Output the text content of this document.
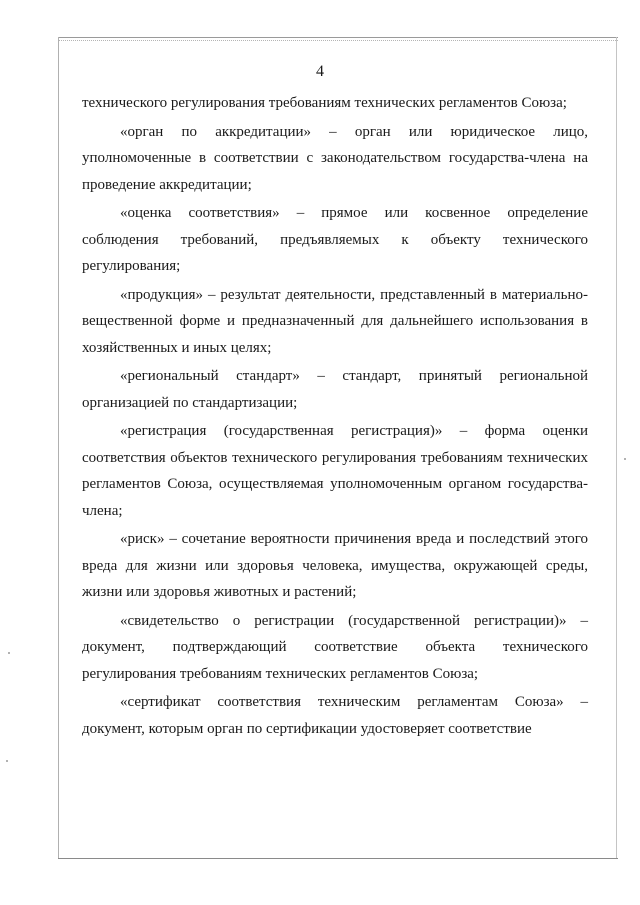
4

технического регулирования требованиям технических регламентов Союза;

«орган по аккредитации» – орган или юридическое лицо, уполномоченные в соответствии с законодательством государства-члена на проведение аккредитации;

«оценка соответствия» – прямое или косвенное определение соблюдения требований, предъявляемых к объекту технического регулирования;

«продукция» – результат деятельности, представленный в материально-вещественной форме и предназначенный для дальнейшего использования в хозяйственных и иных целях;

«региональный стандарт» – стандарт, принятый региональной организацией по стандартизации;

«регистрация (государственная регистрация)» – форма оценки соответствия объектов технического регулирования требованиям технических регламентов Союза, осуществляемая уполномоченным органом государства-члена;

«риск» – сочетание вероятности причинения вреда и последствий этого вреда для жизни или здоровья человека, имущества, окружающей среды, жизни или здоровья животных и растений;

«свидетельство о регистрации (государственной регистрации)» – документ, подтверждающий соответствие объекта технического регулирования требованиям технических регламентов Союза;

«сертификат соответствия техническим регламентам Союза» – документ, которым орган по сертификации удостоверяет соответствие
